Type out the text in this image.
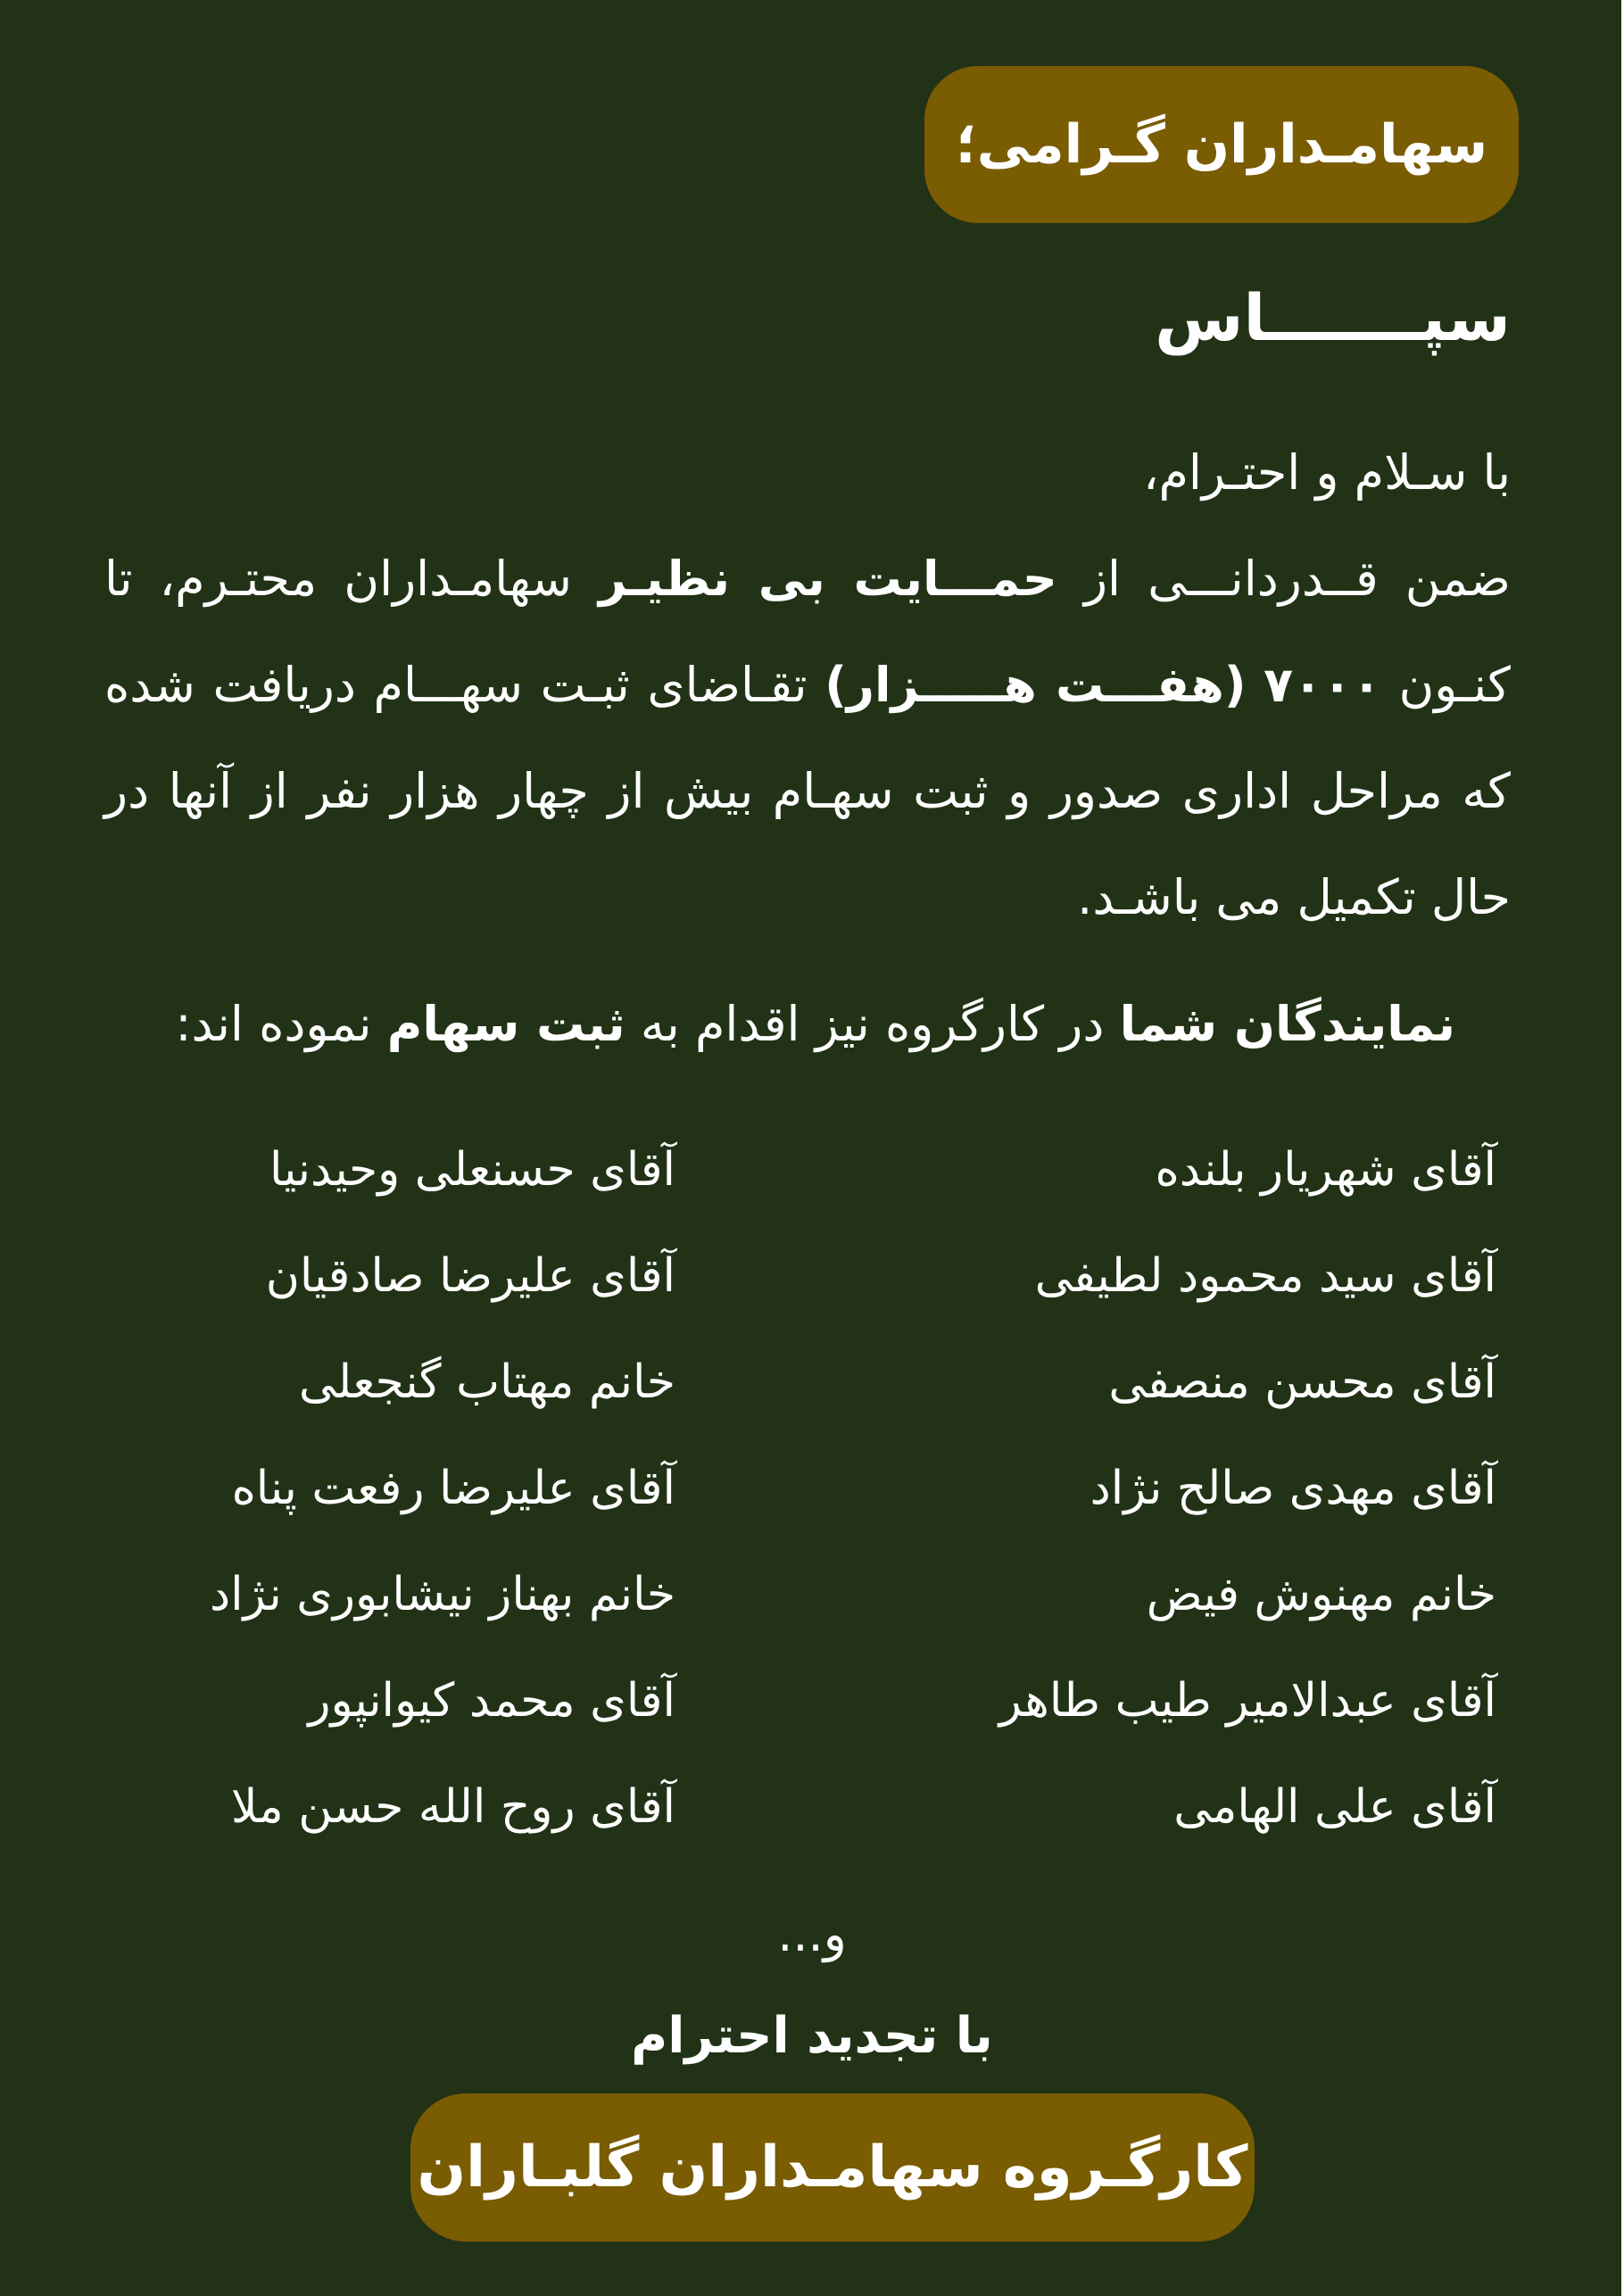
سهامـداران گـرامی؛
سپـــــــاس

با سـلام و احتـرام،

ضمن قــدردانـــی از حمـــایت بی نظیـر سهامـداران محتـرم، تا کنـون ۷۰۰۰ (هفـــت هـــــزار) تقـاضای ثبـت سهـــام دریافت شده که مراحل اداری صدور و ثبت سهـام بیش از چهار هزار نفر از آنها در حال تکمیل می باشـد.

نمایندگان شما در کارگروه نیز اقدام به ثبت سهام نموده اند:
آقای شهریار بلنده
آقای سید محمود لطیفی
آقای محسن منصفی
آقای مهدی صالح نژاد
خانم مهنوش فیض
آقای عبدالامیر طیب طاهر
آقای علی الهامی
آقای حسنعلی وحیدنیا
آقای علیرضا صادقیان
خانم مهتاب گنجعلی
آقای علیرضا رفعت پناه
خانم بهناز نیشابوری نژاد
آقای محمد کیوانپور
آقای روح الله حسن ملا
و...
با تجدید احترام
کارگـروه سهامـداران گلبـاران
